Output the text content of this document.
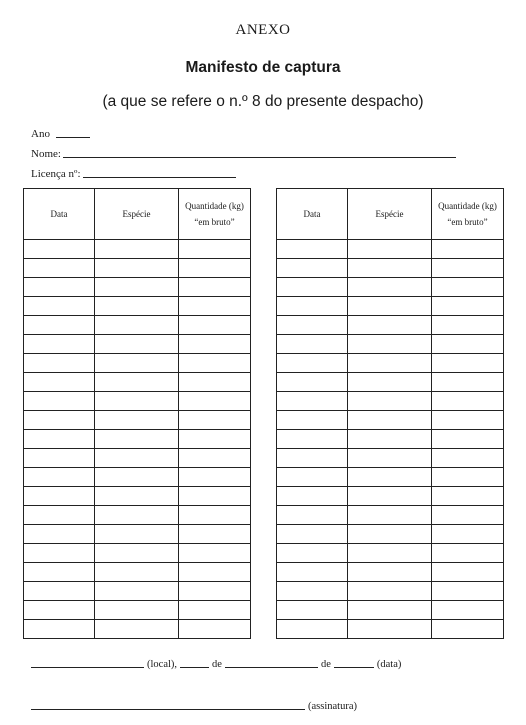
ANEXO
Manifesto de captura
(a que se refere o n.º 8 do presente despacho)
Ano
Nome:
Licença nº:
Data	Espécie	Quantidade (kg) “em bruto”

Data	Espécie	Quantidade (kg) “em bruto”

(local),	de	de	(data)
(assinatura)
